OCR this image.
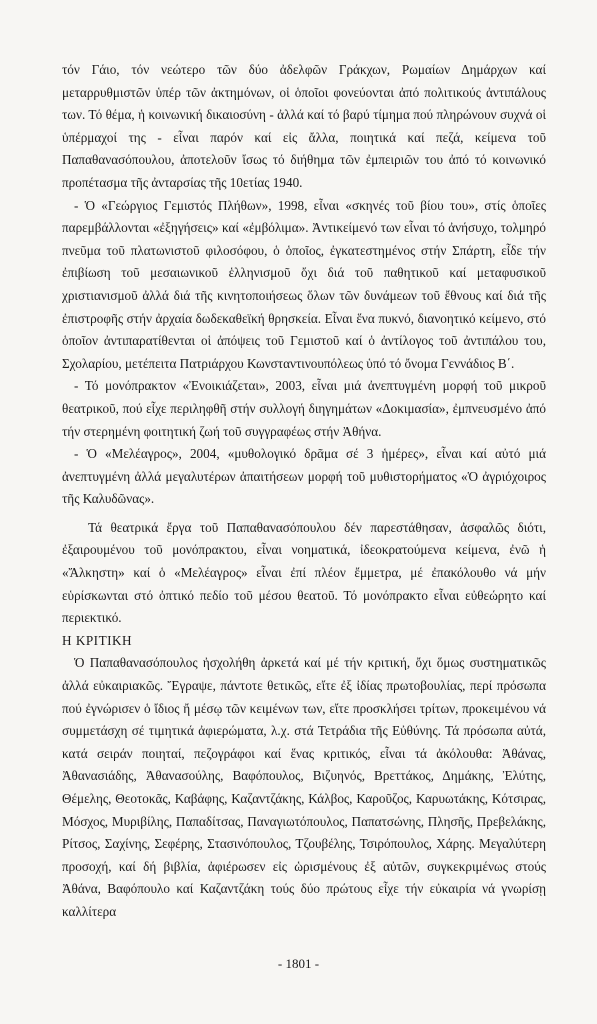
τόν Γάιο, τόν νεώτερο τῶν δύο ἀδελφῶν Γράκχων, Ρωμαίων Δημάρχων καί μεταρρυθμιστῶν ὑπέρ τῶν ἀκτημόνων, οἱ ὁποῖοι φονεύονται ἀπό πολιτικούς ἀντιπάλους των. Τό θέμα, ἡ κοινωνική δικαιοσύνη - ἀλλά καί τό βαρύ τίμημα πού πληρώνουν συχνά οἱ ὑπέρμαχοί της - εἶναι παρόν καί εἰς ἄλλα, ποιητικά καί πεζά, κείμενα τοῦ Παπαθανασόπουλου, ἀποτελοῦν ἴσως τό διήθημα τῶν ἐμπειριῶν του ἀπό τό κοινωνικό προπέτασμα τῆς ἀνταρσίας τῆς 10ετίας 1940.

- Ὁ «Γεώργιος Γεμιστός Πλήθων», 1998, εἶναι «σκηνές τοῦ βίου του», στίς ὁποῖες παρεμβάλλονται «ἐξηγήσεις» καί «ἐμβόλιμα». Ἀντικείμενό των εἶναι τό ἀνήσυχο, τολμηρό πνεῦμα τοῦ πλατωνιστοῦ φιλοσόφου, ὁ ὁποῖος, ἐγκατεστημένος στήν Σπάρτη, εἶδε τήν ἐπιβίωση τοῦ μεσαιωνικοῦ ἑλληνισμοῦ ὄχι διά τοῦ παθητικοῦ καί μεταφυσικοῦ χριστιανισμοῦ ἀλλά διά τῆς κινητοποιήσεως ὅλων τῶν δυνάμεων τοῦ ἔθνους καί διά τῆς ἐπιστροφῆς στήν ἀρχαία δωδεκαθεϊκή θρησκεία. Εἶναι ἕνα πυκνό, διανοητικό κείμενο, στό ὁποῖον ἀντιπαρατίθενται οἱ ἀπόψεις τοῦ Γεμιστοῦ καί ὁ ἀντίλογος τοῦ ἀντιπάλου του, Σχολαρίου, μετέπειτα Πατριάρχου Κωνσταντινουπόλεως ὑπό τό ὄνομα Γεννάδιος Β΄.

- Τό μονόπρακτον «Ἐνοικιάζεται», 2003, εἶναι μιά ἀνεπτυγμένη μορφή τοῦ μικροῦ θεατρικοῦ, πού εἶχε περιληφθῆ στήν συλλογή διηγημάτων «Δοκιμασία», ἐμπνευσμένο ἀπό τήν στερημένη φοιτητική ζωή τοῦ συγγραφέως στήν Ἀθήνα.

- Ὁ «Μελέαγρος», 2004, «μυθολογικό δρᾶμα σέ 3 ἡμέρες», εἶναι καί αὐτό μιά ἀνεπτυγμένη ἀλλά μεγαλυτέρων ἀπαιτήσεων μορφή τοῦ μυθιστορήματος «Ὁ ἀγριόχοιρος τῆς Καλυδῶνας».

Τά θεατρικά ἔργα τοῦ Παπαθανασόπουλου δέν παρεστάθησαν, ἀσφαλῶς διότι, ἐξαιρουμένου τοῦ μονόπρακτου, εἶναι νοηματικά, ἰδεοκρατούμενα κείμενα, ἐνῶ ἡ «Ἄλκηστη» καί ὁ «Μελέαγρος» εἶναι ἐπί πλέον ἔμμετρα, μέ ἐπακόλουθο νά μήν εὑρίσκωνται στό ὀπτικό πεδίο τοῦ μέσου θεατοῦ. Τό μονόπρακτο εἶναι εὐθεώρητο καί περιεκτικό.

Η ΚΡΙΤΙΚΗ

Ὁ Παπαθανασόπουλος ἠσχολήθη ἀρκετά καί μέ τήν κριτική, ὄχι ὅμως συστηματικῶς ἀλλά εὐκαιριακῶς. Ἔγραψε, πάντοτε θετικῶς, εἴτε ἐξ ἰδίας πρωτοβουλίας, περί πρόσωπα πού ἐγνώρισεν ὁ ἴδιος ἤ μέσῳ τῶν κειμένων των, εἴτε προσκλήσει τρίτων, προκειμένου νά συμμετάσχη σέ τιμητικά ἀφιερώματα, λ.χ. στά Τετράδια τῆς Εὐθύνης. Τά πρόσωπα αὐτά, κατά σειράν ποιηταί, πεζογράφοι καί ἕνας κριτικός, εἶναι τά ἀκόλουθα: Ἀθάνας, Ἀθανασιάδης, Ἀθανασούλης, Βαφόπουλος, Βιζυηνός, Βρεττάκος, Δημάκης, Ἐλύτης, Θέμελης, Θεοτοκᾶς, Καβάφης, Καζαντζάκης, Κάλβος, Καροῦζος, Καρυωτάκης, Κότσιρας, Μόσχος, Μυριβίλης, Παπαδίτσας, Παναγιωτόπουλος, Παπατσώνης, Πλησῆς, Πρεβελάκης, Ρίτσος, Σαχίνης, Σεφέρης, Στασινόπουλος, Τζουβέλης, Τσιρόπουλος, Χάρης. Μεγαλύτερη προσοχή, καί δή βιβλία, ἀφιέρωσεν εἰς ὡρισμένους ἐξ αὐτῶν, συγκεκριμένως στούς Ἀθάνα, Βαφόπουλο καί Καζαντζάκη τούς δύο πρώτους εἶχε τήν εὐκαιρία νά γνωρίσῃ καλλίτερα

- 1801 -
